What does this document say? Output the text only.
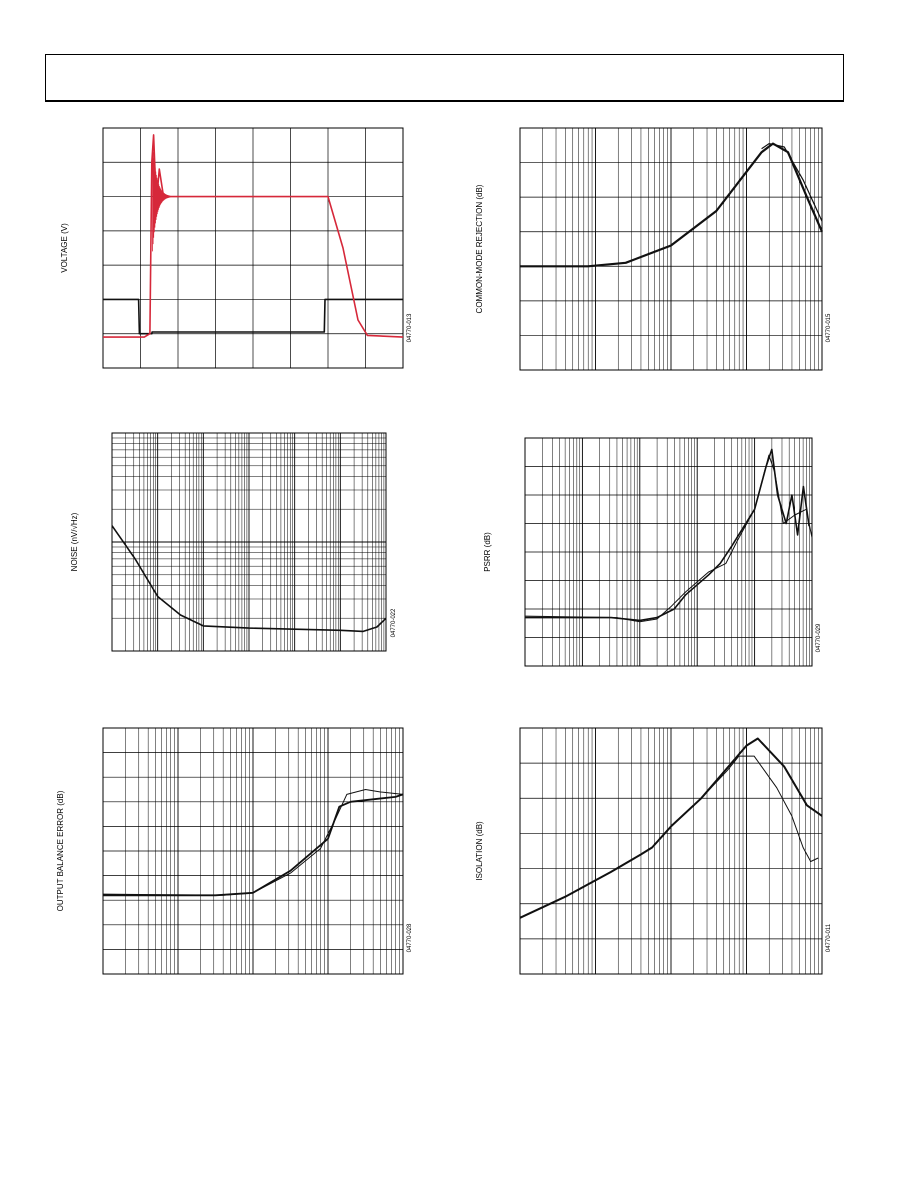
VOLTAGE (V)
04770-013
COMMON-MODE REJECTION (dB)
04770-015
NOISE (nV/√Hz)
04770-022
PSRR (dB)
04770-029
OUTPUT BALANCE ERROR (dB)
04770-028
ISOLATION (dB)
04770-011
